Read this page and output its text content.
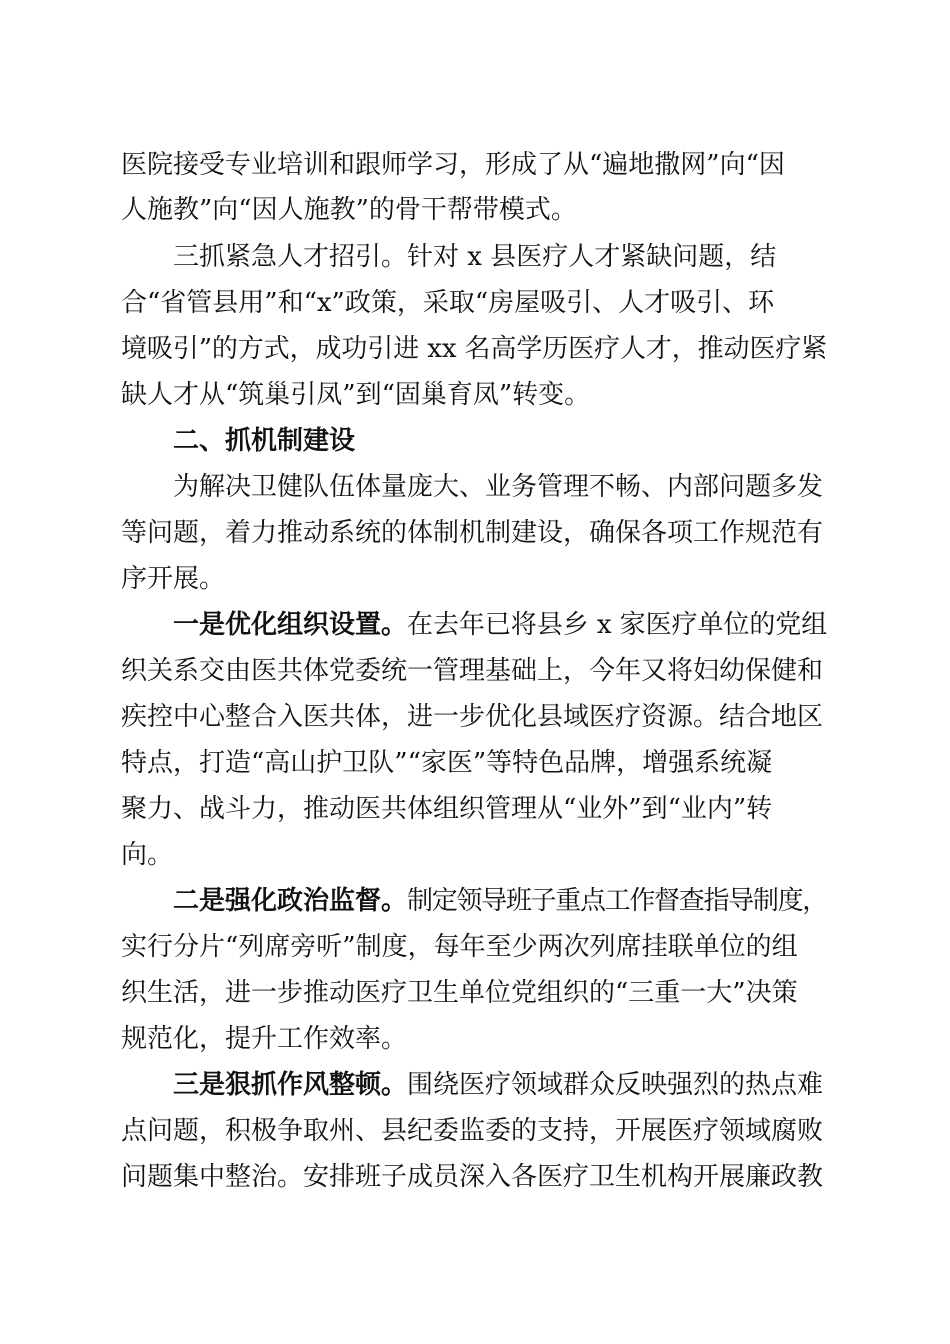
医院接受专业培训和跟师学习，形成了从“遍地撒网”向“因
人施教”向“因人施教”的骨干帮带模式。
三抓紧急人才招引。针对 x 县医疗人才紧缺问题，结
合“省管县用”和“x”政策，采取“房屋吸引、人才吸引、环
境吸引”的方式，成功引进 xx 名高学历医疗人才，推动医疗紧
缺人才从“筑巢引凤”到“固巢育凤”转变。
二、抓机制建设
为解决卫健队伍体量庞大、业务管理不畅、内部问题多发
等问题，着力推动系统的体制机制建设，确保各项工作规范有
序开展。
一是优化组织设置。 在去年已将县乡 x 家医疗单位的党组
织关系交由医共体党委统一管理基础上，今年又将妇幼保健和
疾控中心整合入医共体，进一步优化县域医疗资源。结合地区
特点，打造“高山护卫队”“家医”等特色品牌，增强系统凝
聚力、战斗力，推动医共体组织管理从“业外”到“业内”转
向。
二是强化政治监督。 制定领导班子重点工作督查指导制度，
实行分片“列席旁听”制度，每年至少两次列席挂联单位的组
织生活，进一步推动医疗卫生单位党组织的“三重一大”决策
规范化，提升工作效率。
三是狠抓作风整顿。 围绕医疗领域群众反映强烈的热点难
点问题，积极争取州、县纪委监委的支持，开展医疗领域腐败
问题集中整治。安排班子成员深入各医疗卫生机构开展廉政教
